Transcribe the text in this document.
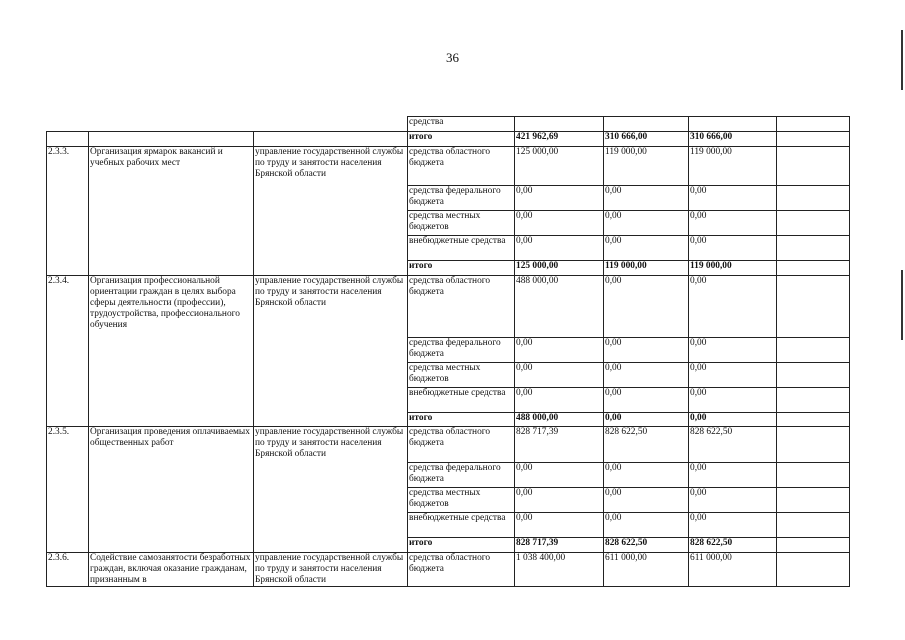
36
			средства				
			итого	421 962,69	310 666,00	310 666,00	
2.3.3.	Организация ярмарок вакансий и учебных рабочих мест	управление государственной службы по труду и занятости населения Брянской области	средства областного бюджета	125 000,00	119 000,00	119 000,00	
			средства федерального бюджета	0,00	0,00	0,00	
			средства местных бюджетов	0,00	0,00	0,00	
			внебюджетные средства	0,00	0,00	0,00	
			итого	125 000,00	119 000,00	119 000,00	
2.3.4.	Организация профессиональной ориентации граждан в целях выбора сферы деятельности (профессии), трудоустройства, профессионального обучения	управление государственной службы по труду и занятости населения Брянской области	средства областного бюджета	488 000,00	0,00	0,00	
			средства федерального бюджета	0,00	0,00	0,00	
			средства местных бюджетов	0,00	0,00	0,00	
			внебюджетные средства	0,00	0,00	0,00	
			итого	488 000,00	0,00	0,00	
2.3.5.	Организация проведения оплачиваемых общественных работ	управление государственной службы по труду и занятости населения Брянской области	средства областного бюджета	828 717,39	828 622,50	828 622,50	
			средства федерального бюджета	0,00	0,00	0,00	
			средства местных бюджетов	0,00	0,00	0,00	
			внебюджетные средства	0,00	0,00	0,00	
			итого	828 717,39	828 622,50	828 622,50	
2.3.6.	Содействие самозанятости безработных граждан, включая оказание гражданам, признанным в	управление государственной службы по труду и занятости населения Брянской области	средства областного бюджета	1 038 400,00	611 000,00	611 000,00	
